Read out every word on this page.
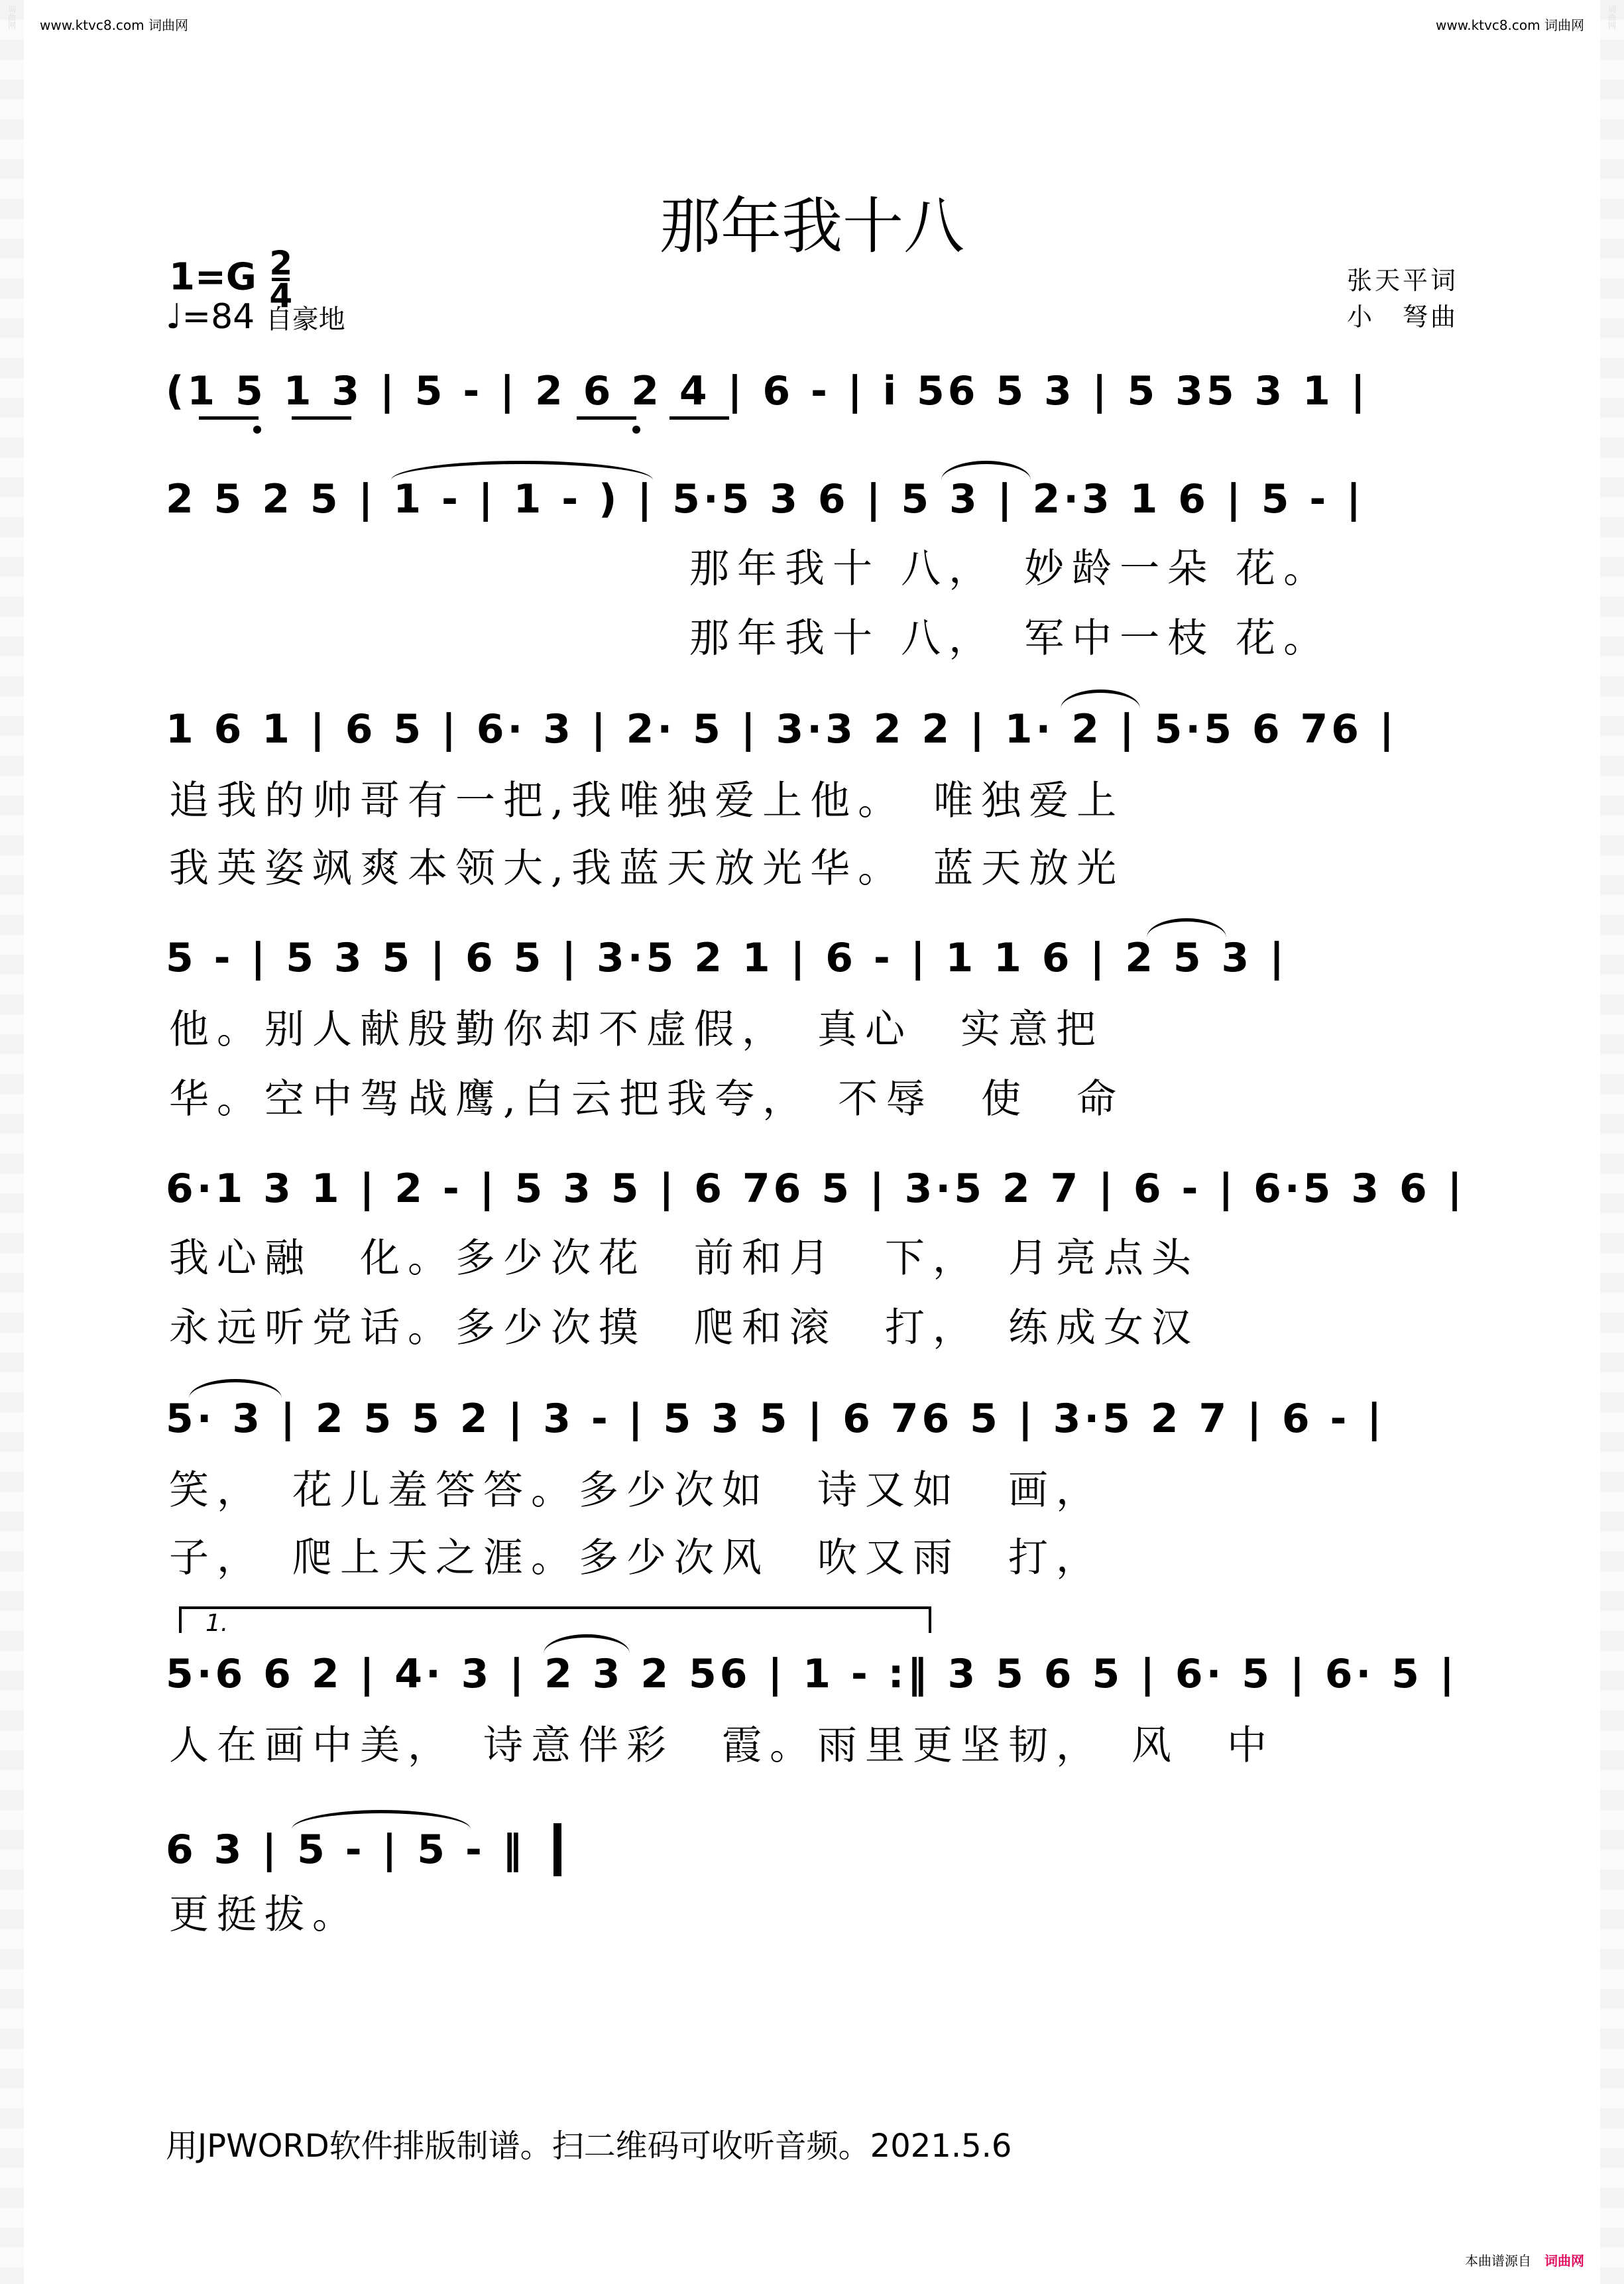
词曲网	词曲网
www.ktvc8.com 词曲网	www.ktvc8.com 词曲网
本曲谱源自 词曲网
那年我十八
1=G 2
4
♩=84 自豪地
张天平词
小　弩曲
(1 5 1 3 | 5 - | 2 6 2 4 | 6 - | i 56 5 3 | 5 35 3 1 |
2 5 2 5 | 1 - | 1 - ) | 5·5 3 6 | 5 3 | 2·3 1 6 | 5 - |
1 6 1 | 6 5 | 6· 3 | 2· 5 | 3·3 2 2 | 1· 2 | 5·5 6 76 |
5 - | 5 3 5 | 6 5 | 3·5 2 1 | 6 - | 1 1 6 | 2 5 3 |
6·1 3 1 | 2 - | 5 3 5 | 6 76 5 | 3·5 2 7 | 6 - | 6·5 3 6 |
5· 3 | 2 5 5 2 | 3 - | 5 3 5 | 6 76 5 | 3·5 2 7 | 6 - |
5·6 6 2 | 4· 3 | 2 3 2 56 | 1 - :‖ 3 5 6 5 | 6· 5 | 6· 5 |
6 3 | 5 - | 5 - ‖
1.
那年我十 八，　妙龄一朵 花。
那年我十 八，　军中一枝 花。
追我的帅哥有一把,我唯独爱上他。　唯独爱上
我英姿飒爽本领大,我蓝天放光华。　蓝天放光
他。别人献殷勤你却不虚假，　真心　实意把
华。空中驾战鹰,白云把我夸，　不辱　使　命
我心融　化。多少次花　前和月　下，　月亮点头
永远听党话。多少次摸　爬和滚　打，　练成女汉
笑，　花儿羞答答。多少次如　诗又如　画，
子，　爬上天之涯。多少次风　吹又雨　打，
人在画中美，　诗意伴彩　霞。雨里更坚韧，　风　中
更挺拔。
用JPWORD软件排版制谱。扫二维码可收听音频。2021.5.6
